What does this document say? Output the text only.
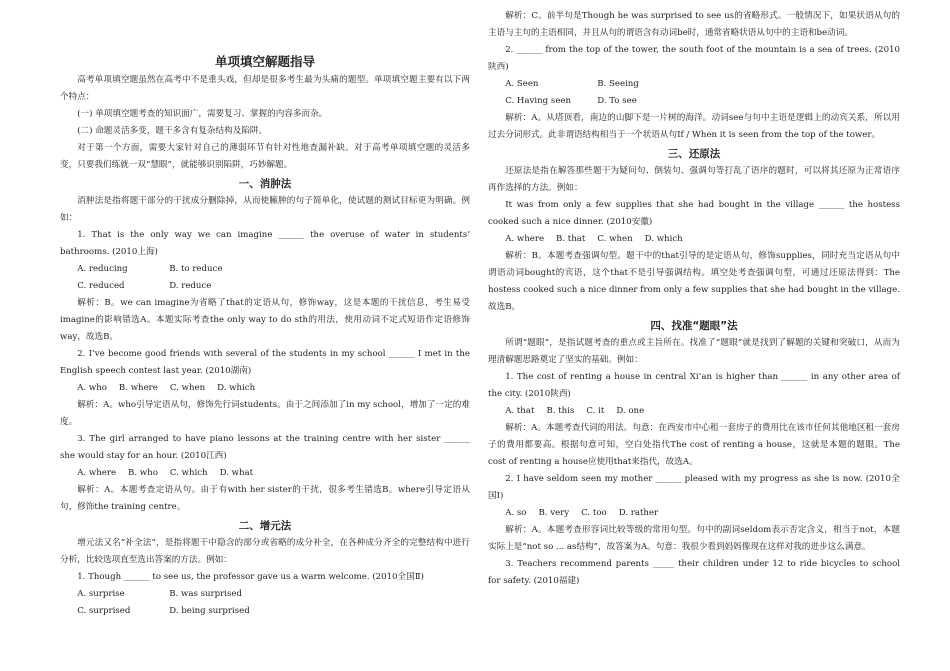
单项填空解题指导

高考单项填空题虽然在高考中不是重头戏，但却是很多考生最为头痛的题型。单项填空题主要有以下两个特点：

(一) 单项填空题考查的知识面广，需要复习、掌握的内容多而杂。

(二) 命题灵活多变，题干多含有复杂结构及陷阱。

对于第一个方面，需要大家针对自己的薄弱环节有针对性地查漏补缺。对于高考单项填空题的灵活多变，只要我们练就一双“慧眼”，就能够识别陷阱，巧妙解题。

一、消肿法

消肿法是指将题干部分的干扰成分删除掉，从而使臃肿的句子简单化，使试题的测试目标更为明确。例如：

1. That is the only way we can imagine ______ the overuse of water in students’ bathrooms. (2010上海)

A. reducing	B. to reduce
C. reduced	D. reduce

解析：B。we can imagine为省略了that的定语从句，修饰way，这是本题的干扰信息，考生易受imagine的影响错选A。本题实际考查the only way to do sth的用法，使用动词不定式短语作定语修饰way，故选B。

2. I’ve become good friends with several of the students in my school ______ I met in the English speech contest last year. (2010湖南)

A. who B. where C. when D. which

解析：A。who引导定语从句，修饰先行词students。由于之间添加了in my school，增加了一定的难度。

3. The girl arranged to have piano lessons at the training centre with her sister ______ she would stay for an hour. (2010江西)

A. where B. who C. which D. what

解析：A。本题考查定语从句。由于有with her sister的干扰，很多考生错选B。where引导定语从句，修饰the training centre。

二、增元法

增元法又名“补全法”，是指将题干中隐含的部分或省略的成分补全，在各种成分齐全的完整结构中进行分析，比较选项直至选出答案的方法。例如：

1. Though ______ to see us, the professor gave us a warm welcome. (2010全国Ⅱ)

A. surprise	B. was surprised
C. surprised	D. being surprised

解析：C。前半句是Though he was surprised to see us的省略形式。一般情况下，如果状语从句的主语与主句的主语相同，并且从句的谓语含有动词be时，通常省略状语从句中的主语和be动词。

2. ______ from the top of the tower, the south foot of the mountain is a sea of trees. (2010陕西)

A. Seen	B. Seeing
C. Having seen	D. To see

解析：A。从塔顶看，南边的山脚下是一片树的海洋。动词see与句中主语是逻辑上的动宾关系，所以用过去分词形式。此非谓语结构相当于一个状语从句If / When it is seen from the top of the tower。

三、还原法

还原法是指在解答那些题干为疑问句、倒装句、强调句等打乱了语序的题时，可以将其还原为正常语序再作选择的方法。例如：

It was from only a few supplies that she had bought in the village ______ the hostess cooked such a nice dinner. (2010安徽)

A. where B. that C. when D. which

解析：B。本题考查强调句型。题干中的that引导的是定语从句，修饰supplies，同时充当定语从句中谓语动词bought的宾语，这个that不是引导强调结构。填空处考查强调句型，可通过还原法得到：The hostess cooked such a nice dinner from only a few supplies that she had bought in the village. 故选B。

四、找准“题眼”法

所谓“题眼”，是指试题考查的重点或主旨所在。找准了“题眼”就是找到了解题的关键和突破口，从而为理清解题思路奠定了坚实的基础。例如：

1. The cost of renting a house in central Xi’an is higher than ______ in any other area of the city. (2010陕西)

A. that B. this C. it D. one

解析：A。本题考查代词的用法。句意：在西安市中心租一套房子的费用比在该市任何其他地区租一套房子的费用都要高。根据句意可知，空白处指代The cost of renting a house，这就是本题的题眼。The cost of renting a house应使用that来指代，故选A。

2. I have seldom seen my mother ______ pleased with my progress as she is now. (2010全国Ⅰ)

A. so B. very C. too D. rather

解析：A。本题考查形容词比较等级的常用句型。句中的副词seldom表示否定含义，相当于not，本题实际上是“not so ... as结构”，故答案为A。句意：我很少看到妈妈像现在这样对我的进步这么满意。

3. Teachers recommend parents _____ their children under 12 to ride bicycles to school for safety. (2010福建)
